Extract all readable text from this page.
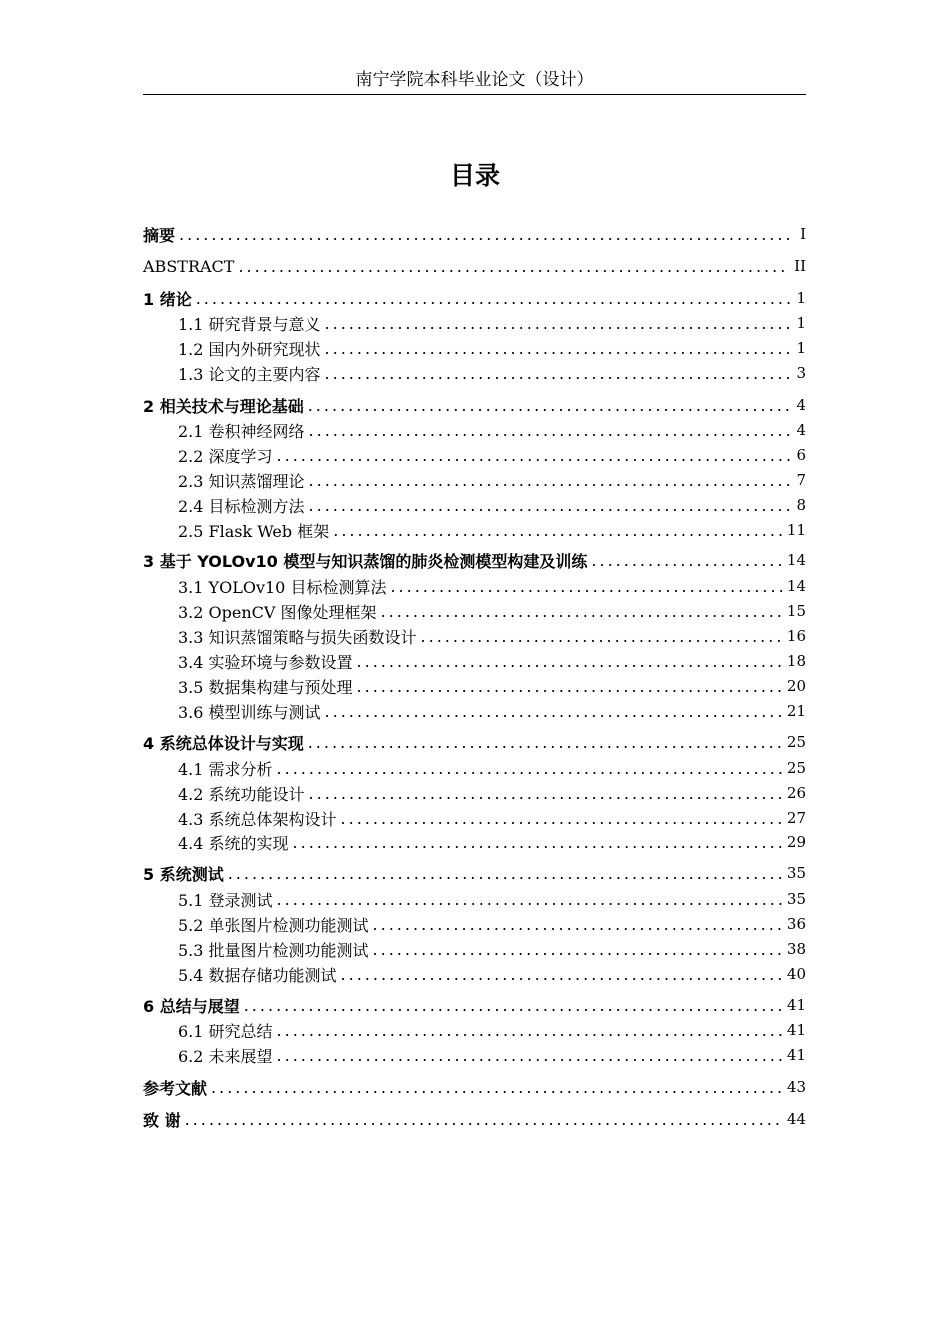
南宁学院本科毕业论文（设计）
目录
摘要 .....	I
ABSTRACT .....	II
1 绪论 .....	1
1.1 研究背景与意义 .....	1
1.2 国内外研究现状 .....	1
1.3 论文的主要内容 .....	3
2 相关技术与理论基础 .....	4
2.1 卷积神经网络 .....	4
2.2 深度学习 .....	6
2.3 知识蒸馏理论 .....	7
2.4 目标检测方法 .....	8
2.5 Flask Web 框架 .....	11
3 基于 YOLOv10 模型与知识蒸馏的肺炎检测模型构建及训练 .....	14
3.1 YOLOv10 目标检测算法 .....	14
3.2 OpenCV 图像处理框架 .....	15
3.3 知识蒸馏策略与损失函数设计 .....	16
3.4 实验环境与参数设置 .....	18
3.5 数据集构建与预处理 .....	20
3.6 模型训练与测试 .....	21
4 系统总体设计与实现 .....	25
4.1 需求分析 .....	25
4.2 系统功能设计 .....	26
4.3 系统总体架构设计 .....	27
4.4 系统的实现 .....	29
5 系统测试 .....	35
5.1 登录测试 .....	35
5.2 单张图片检测功能测试 .....	36
5.3 批量图片检测功能测试 .....	38
5.4 数据存储功能测试 .....	40
6 总结与展望 .....	41
6.1 研究总结 .....	41
6.2 未来展望 .....	41
参考文献 .....	43
致 谢 .....	44
